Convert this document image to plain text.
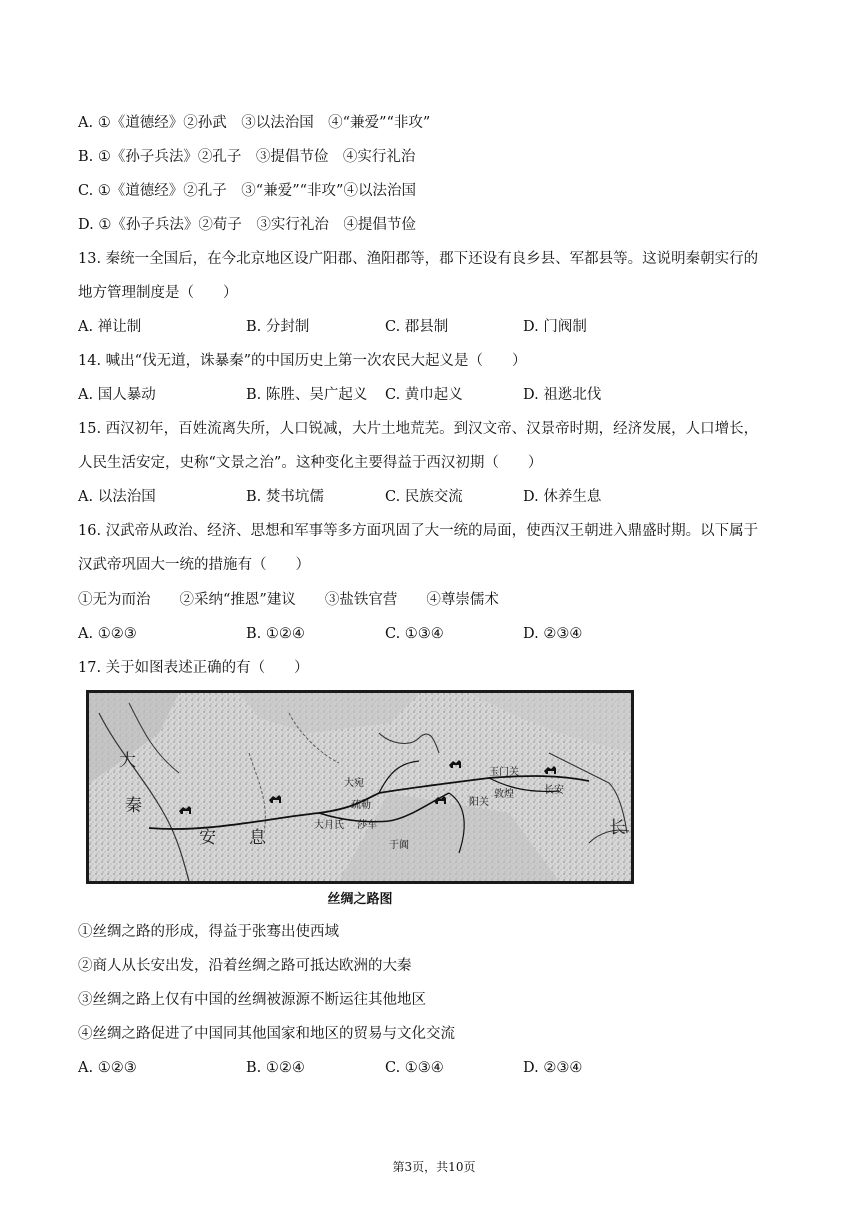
A. ①《道德经》②孙武　③以法治国　④“兼爱”“非攻”
B. ①《孙子兵法》②孔子　③提倡节俭　④实行礼治
C. ①《道德经》②孔子　③“兼爱”“非攻”④以法治国
D. ①《孙子兵法》②荀子　③实行礼治　④提倡节俭
13. 秦统一全国后，在今北京地区设广阳郡、渔阳郡等，郡下还设有良乡县、军都县等。这说明秦朝实行的
地方管理制度是（　　）
A. 禅让制	B. 分封制	C. 郡县制	D. 门阀制
14. 喊出“伐无道，诛暴秦”的中国历史上第一次农民大起义是（　　）
A. 国人暴动	B. 陈胜、吴广起义 C. 黄巾起义	D. 祖逖北伐
15. 西汉初年，百姓流离失所，人口锐减，大片土地荒芜。到汉文帝、汉景帝时期，经济发展，人口增长，
人民生活安定，史称“文景之治”。这种变化主要得益于西汉初期（　　）
A. 以法治国	B. 焚书坑儒	C. 民族交流	D. 休养生息
16. 汉武帝从政治、经济、思想和军事等多方面巩固了大一统的局面，使西汉王朝进入鼎盛时期。以下属于
汉武帝巩固大一统的措施有（　　）
①无为而治　　②采纳“推恩”建议　　③盐铁官营　　④尊崇儒术
A. ①②③	B. ①②④	C. ①③④	D. ②③④
17. 关于如图表述正确的有（　　）
大
秦
安 息
大宛
疏勒
大月氏 莎车
于阗
玉门关
敦煌
阳关
长安
长
丝绸之路图
①丝绸之路的形成，得益于张骞出使西域
②商人从长安出发，沿着丝绸之路可抵达欧洲的大秦
③丝绸之路上仅有中国的丝绸被源源不断运往其他地区
④丝绸之路促进了中国同其他国家和地区的贸易与文化交流
A. ①②③	B. ①②④	C. ①③④	D. ②③④
第3页，共10页
